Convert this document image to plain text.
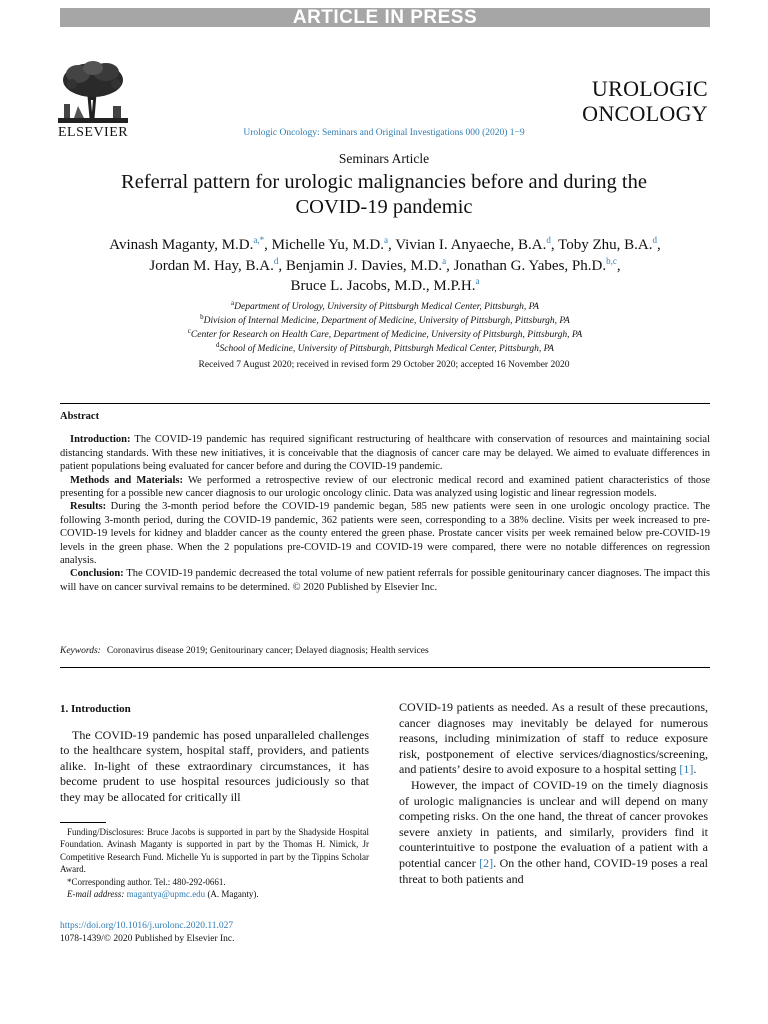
ARTICLE IN PRESS
ELSEVIER	Urologic Oncology: Seminars and Original Investigations 000 (2020) 1−9
UROLOGIC
ONCOLOGY
Seminars Article
Referral pattern for urologic malignancies before and during the COVID-19 pandemic
Avinash Maganty, M.D.$^{a,*}$, Michelle Yu, M.D.$^a$, Vivian I. Anyaeche, B.A.$^d$, Toby Zhu, B.A.$^d$,
Jordan M. Hay, B.A.$^d$, Benjamin J. Davies, M.D.$^a$, Jonathan G. Yabes, Ph.D.$^{b,c}$,
Bruce L. Jacobs, M.D., M.P.H.$^a$
$^a$Department of Urology, University of Pittsburgh Medical Center, Pittsburgh, PA
$^b$Division of Internal Medicine, Department of Medicine, University of Pittsburgh, Pittsburgh, PA
$^c$Center for Research on Health Care, Department of Medicine, University of Pittsburgh, Pittsburgh, PA
$^d$School of Medicine, University of Pittsburgh, Pittsburgh Medical Center, Pittsburgh, PA
Received 7 August 2020; received in revised form 29 October 2020; accepted 16 November 2020
Abstract

Introduction: The COVID-19 pandemic has required significant restructuring of healthcare with conservation of resources and maintaining social distancing standards. With these new initiatives, it is conceivable that the diagnosis of cancer care may be delayed. We aimed to evaluate differences in patient populations being evaluated for cancer before and during the COVID-19 pandemic.

Methods and Materials: We performed a retrospective review of our electronic medical record and examined patient characteristics of those presenting for a possible new cancer diagnosis to our urologic oncology clinic. Data was analyzed using logistic and linear regression models.

Results: During the 3-month period before the COVID-19 pandemic began, 585 new patients were seen in one urologic oncology practice. The following 3-month period, during the COVID-19 pandemic, 362 patients were seen, corresponding to a 38% decline. Visits per week increased to pre-COVID-19 levels for kidney and bladder cancer as the county entered the green phase. Prostate cancer visits per week remained below pre-COVID-19 levels in the green phase. When the 2 populations pre-COVID-19 and COVID-19 were compared, there were no notable differences on regression analysis.

Conclusion: The COVID-19 pandemic decreased the total volume of new patient referrals for possible genitourinary cancer diagnoses. The impact this will have on cancer survival remains to be determined. © 2020 Published by Elsevier Inc.

Keywords: Coronavirus disease 2019; Genitourinary cancer; Delayed diagnosis; Health services
1. Introduction

The COVID-19 pandemic has posed unparalleled challenges to the healthcare system, hospital staff, providers, and patients alike. In-light of these extraordinary circumstances, it has become prudent to use hospital resources judiciously so that they may be allocated for critically ill

Funding/Disclosures: Bruce Jacobs is supported in part by the Shadyside Hospital Foundation. Avinash Maganty is supported in part by the Thomas H. Nimick, Jr Competitive Research Fund. Michelle Yu is supported in part by the Tippins Scholar Award.

*Corresponding author. Tel.: 480-292-0661.

E-mail address: magantya@upmc.edu (A. Maganty).

https://doi.org/10.1016/j.urolonc.2020.11.027
1078-1439/© 2020 Published by Elsevier Inc.

COVID-19 patients as needed. As a result of these precautions, cancer diagnoses may inevitably be delayed for numerous reasons, including minimization of staff to reduce exposure risk, postponement of elective services/diagnostics/screening, and patients’ desire to avoid exposure to a hospital setting [1].

However, the impact of COVID-19 on the timely diagnosis of urologic malignancies is unclear and will depend on many competing risks. On the one hand, the threat of cancer provokes severe anxiety in patients, and similarly, providers find it counterintuitive to postpone the evaluation of a patient with a potential cancer [2]. On the other hand, COVID-19 poses a real threat to both patients and
